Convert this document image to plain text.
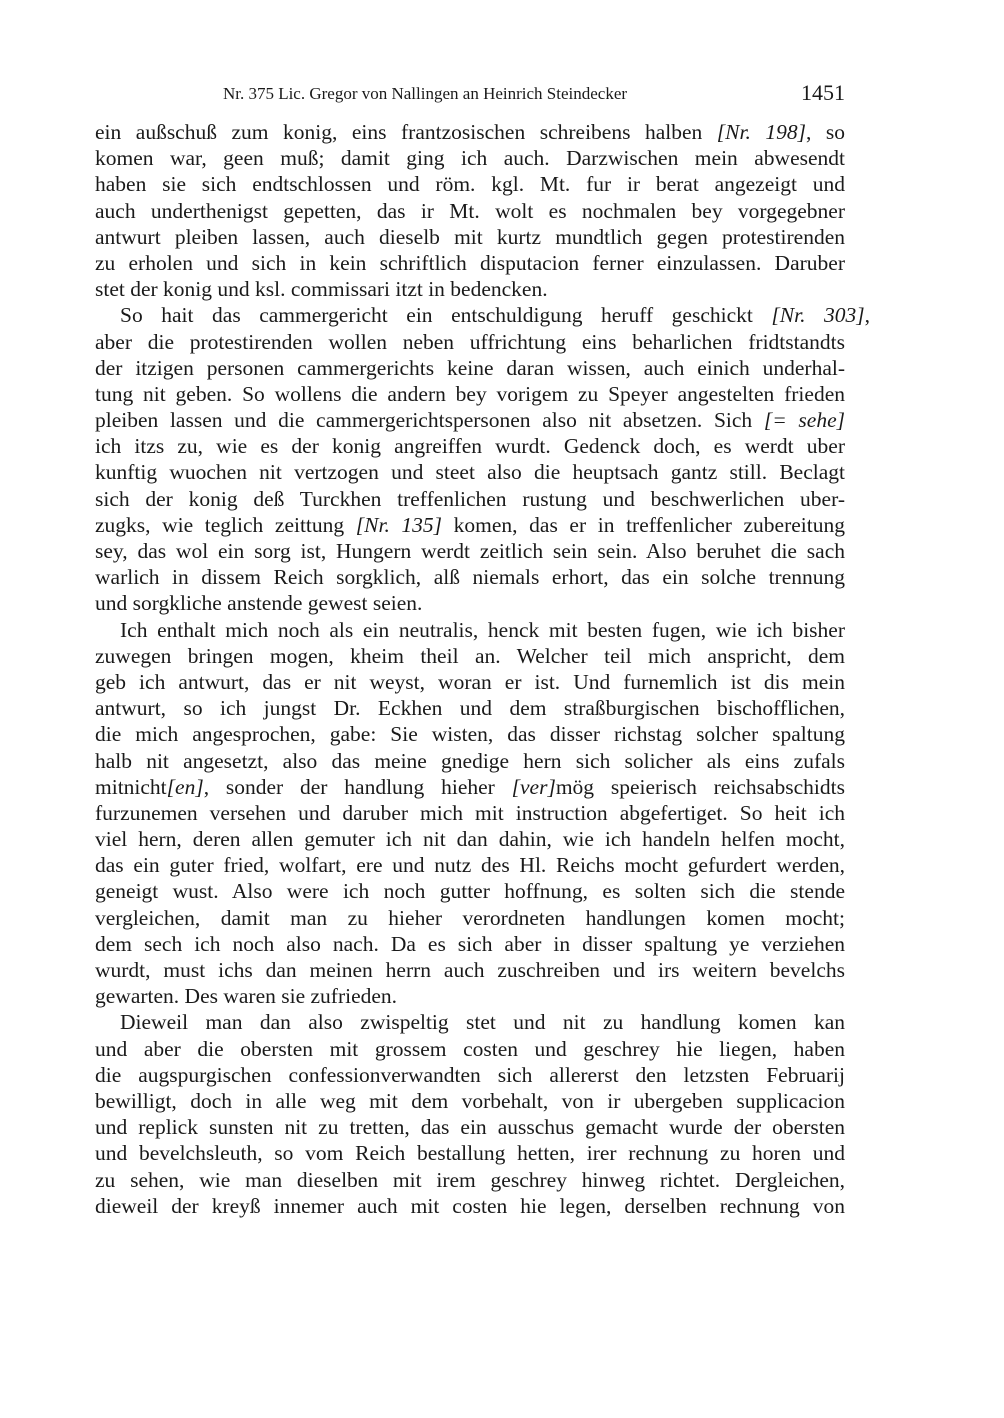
Nr. 375 Lic. Gregor von Nallingen an Heinrich Steindecker	1451
ein außschuß zum konig, eins frantzosischen schreibens halben [Nr. 198], so
komen war, geen muß; damit ging ich auch. Darzwischen mein abwesendt
haben sie sich endtschlossen und röm. kgl. Mt. fur ir berat angezeigt und
auch underthenigst gepetten, das ir Mt. wolt es nochmalen bey vorgegebner
antwurt pleiben lassen, auch dieselb mit kurtz mundtlich gegen protestirenden
zu erholen und sich in kein schriftlich disputacion ferner einzulassen. Daruber
stet der konig und ksl. commissari itzt in bedencken.
So hait das cammergericht ein entschuldigung heruff geschickt [Nr. 303],
aber die protestirenden wollen neben uffrichtung eins beharlichen fridtstandts
der itzigen personen cammergerichts keine daran wissen, auch einich underhal-
tung nit geben. So wollens die andern bey vorigem zu Speyer angestelten frieden
pleiben lassen und die cammergerichtspersonen also nit absetzen. Sich [= sehe]
ich itzs zu, wie es der konig angreiffen wurdt. Gedenck doch, es werdt uber
kunftig wuochen nit vertzogen und steet also die heuptsach gantz still. Beclagt
sich der konig deß Turckhen treffenlichen rustung und beschwerlichen uber-
zugks, wie teglich zeittung [Nr. 135] komen, das er in treffenlicher zubereitung
sey, das wol ein sorg ist, Hungern werdt zeitlich sein sein. Also beruhet die sach
warlich in dissem Reich sorgklich, alß niemals erhort, das ein solche trennung
und sorgkliche anstende gewest seien.
Ich enthalt mich noch als ein neutralis, henck mit besten fugen, wie ich bisher
zuwegen bringen mogen, kheim theil an. Welcher teil mich anspricht, dem
geb ich antwurt, das er nit weyst, woran er ist. Und furnemlich ist dis mein
antwurt, so ich jungst Dr. Eckhen und dem straßburgischen bischofflichen,
die mich angesprochen, gabe: Sie wisten, das disser richstag solcher spaltung
halb nit angesetzt, also das meine gnedige hern sich solicher als eins zufals
mitnicht[en], sonder der handlung hieher [ver]mög speierisch reichsabschidts
furzunemen versehen und daruber mich mit instruction abgefertiget. So heit ich
viel hern, deren allen gemuter ich nit dan dahin, wie ich handeln helfen mocht,
das ein guter fried, wolfart, ere und nutz des Hl. Reichs mocht gefurdert werden,
geneigt wust. Also were ich noch gutter hoffnung, es solten sich die stende
vergleichen, damit man zu hieher verordneten handlungen komen mocht;
dem sech ich noch also nach. Da es sich aber in disser spaltung ye verziehen
wurdt, must ichs dan meinen herrn auch zuschreiben und irs weitern bevelchs
gewarten. Des waren sie zufrieden.
Dieweil man dan also zwispeltig stet und nit zu handlung komen kan
und aber die obersten mit grossem costen und geschrey hie liegen, haben
die augspurgischen confessionverwandten sich allererst den letzsten Februarij
bewilligt, doch in alle weg mit dem vorbehalt, von ir ubergeben supplicacion
und replick sunsten nit zu tretten, das ein ausschus gemacht wurde der obersten
und bevelchsleuth, so vom Reich bestallung hetten, irer rechnung zu horen und
zu sehen, wie man dieselben mit irem geschrey hinweg richtet. Dergleichen,
dieweil der kreyß innemer auch mit costen hie legen, derselben rechnung von
